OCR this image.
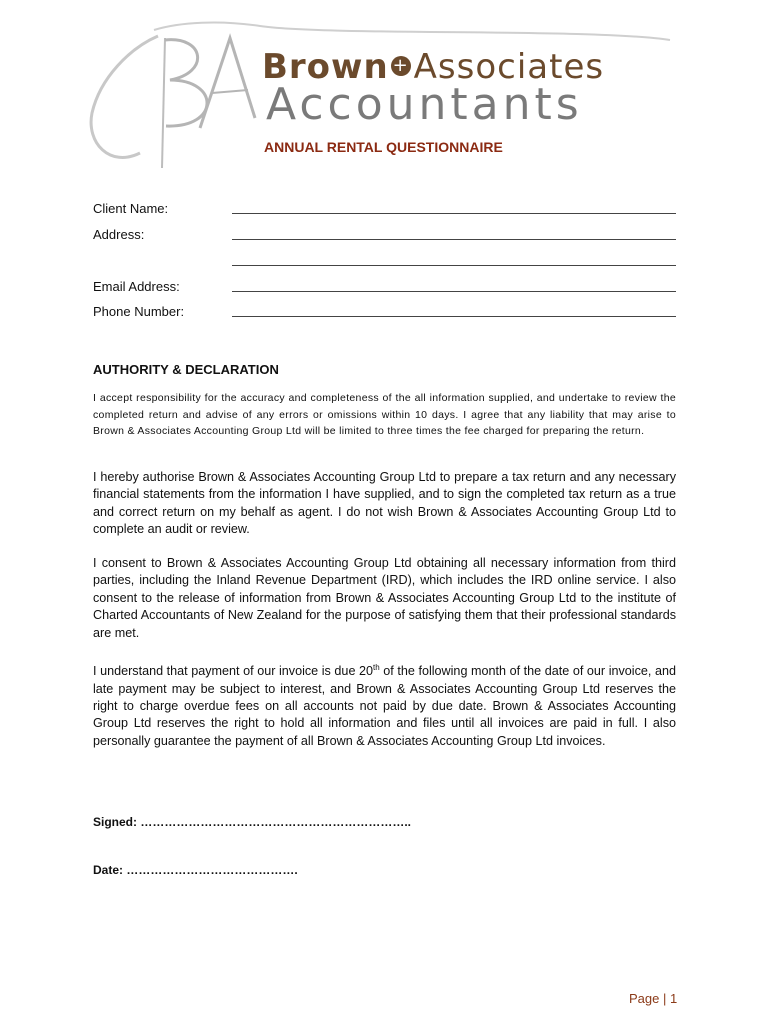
BA
Brown + Associates
Accountants
ANNUAL RENTAL QUESTIONNAIRE
Client Name:
Address:
Email Address:
Phone Number:
AUTHORITY & DECLARATION

I accept responsibility for the accuracy and completeness of the all information supplied, and undertake to review the completed return and advise of any errors or omissions within 10 days. I agree that any liability that may arise to Brown & Associates Accounting Group Ltd will be limited to three times the fee charged for preparing the return.

I hereby authorise Brown & Associates Accounting Group Ltd to prepare a tax return and any necessary financial statements from the information I have supplied, and to sign the completed tax return as a true and correct return on my behalf as agent. I do not wish Brown & Associates Accounting Group Ltd to complete an audit or review.

I consent to Brown & Associates Accounting Group Ltd obtaining all necessary information from third parties, including the Inland Revenue Department (IRD), which includes the IRD online service. I also consent to the release of information from Brown & Associates Accounting Group Ltd to the institute of Charted Accountants of New Zealand for the purpose of satisfying them that their professional standards are met.

I understand that payment of our invoice is due 20th of the following month of the date of our invoice, and late payment may be subject to interest, and Brown & Associates Accounting Group Ltd reserves the right to charge overdue fees on all accounts not paid by due date. Brown & Associates Accounting Group Ltd reserves the right to hold all information and files until all invoices are paid in full. I also personally guarantee the payment of all Brown & Associates Accounting Group Ltd invoices.

Signed: …………………………………………………………..
Date: …………………………………….
Page | 1
